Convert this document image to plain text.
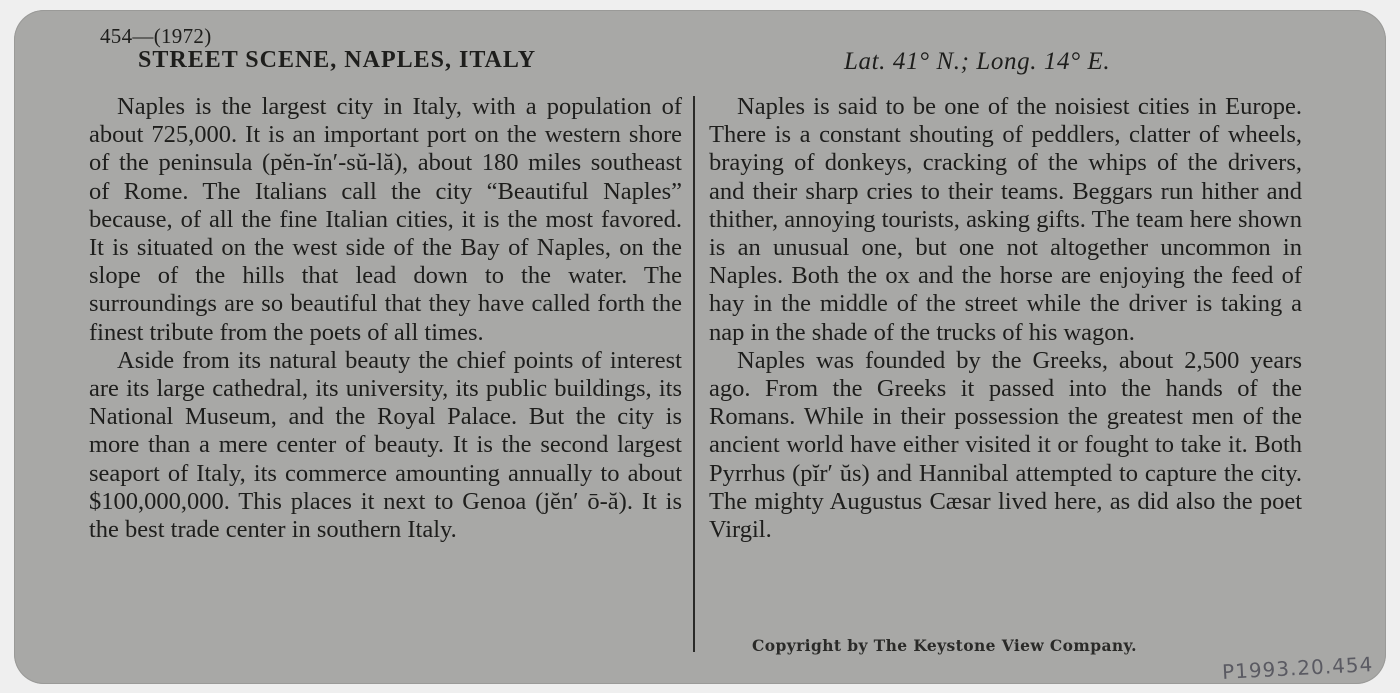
454—(1972)
STREET SCENE, NAPLES, ITALY	Lat. 41° N.; Long. 14° E.

Naples is the largest city in Italy, with a population of about 725,000. It is an important port on the western shore of the peninsula (pĕn-ĭn′-sŭ-lă), about 180 miles southeast of Rome. The Italians call the city “Beautiful Naples” because, of all the fine Italian cities, it is the most favored. It is situated on the west side of the Bay of Naples, on the slope of the hills that lead down to the water. The surroundings are so beautiful that they have called forth the finest tribute from the poets of all times.

Aside from its natural beauty the chief points of interest are its large cathedral, its university, its public buildings, its National Museum, and the Royal Palace. But the city is more than a mere center of beauty. It is the second largest seaport of Italy, its commerce amounting annually to about $100,000,000. This places it next to Genoa (jĕn′ ō-ă). It is the best trade center in southern Italy.

Naples is said to be one of the noisiest cities in Europe. There is a constant shouting of peddlers, clatter of wheels, braying of donkeys, cracking of the whips of the drivers, and their sharp cries to their teams. Beggars run hither and thither, annoying tourists, asking gifts. The team here shown is an unusual one, but one not altogether uncommon in Naples. Both the ox and the horse are enjoying the feed of hay in the middle of the street while the driver is taking a nap in the shade of the trucks of his wagon.

Naples was founded by the Greeks, about 2,500 years ago. From the Greeks it passed into the hands of the Romans. While in their possession the greatest men of the ancient world have either visited it or fought to take it. Both Pyrrhus (pĭr′ ŭs) and Hannibal attempted to capture the city. The mighty Augustus Cæsar lived here, as did also the poet Virgil.

Copyright by The Keystone View Company.
P1993.20.454
